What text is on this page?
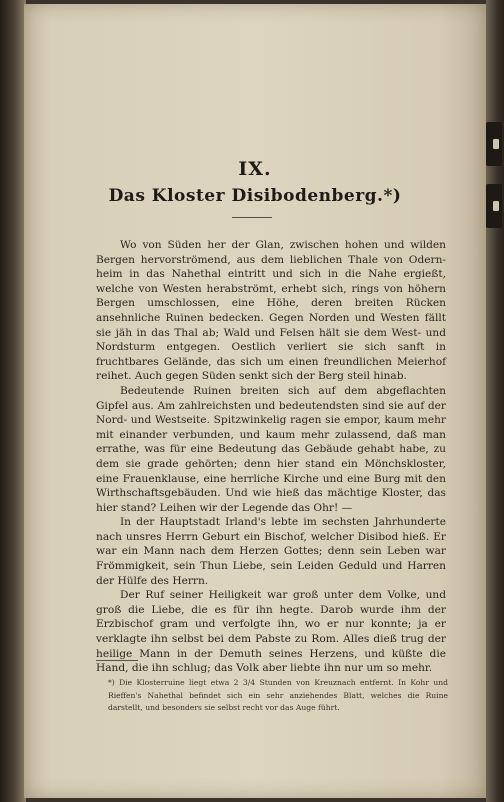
IX.
Das Kloster Disibodenberg.*)

Wo von Süden her der Glan, zwischen hohen und wilden Bergen hervorströmend, aus dem lieblichen Thale von Odernheim in das Nahethal eintritt und sich in die Nahe ergießt, welche von Westen herabströmt, erhebt sich, rings von höhern Bergen umschlossen, eine Höhe, deren breiten Rücken ansehnliche Ruinen bedecken. Gegen Norden und Westen fällt sie jäh in das Thal ab; Wald und Felsen hält sie dem West- und Nordsturm entgegen. Oestlich verliert sie sich sanft in fruchtbares Gelände, das sich um einen freundlichen Meierhof reihet. Auch gegen Süden senkt sich der Berg steil hinab.

Bedeutende Ruinen breiten sich auf dem abgeflachten Gipfel aus. Am zahlreichsten und bedeutendsten sind sie auf der Nord- und Westseite. Spitzwinkelig ragen sie empor, kaum mehr mit einander verbunden, und kaum mehr zulassend, daß man errathe, was für eine Bedeutung das Gebäude gehabt habe, zu dem sie grade gehörten; denn hier stand ein Mönchskloster, eine Frauenklause, eine herrliche Kirche und eine Burg mit den Wirthschaftsgebäuden. Und wie hieß das mächtige Kloster, das hier stand? Leihen wir der Legende das Ohr! —

In der Hauptstadt Irland's lebte im sechsten Jahrhunderte nach unsres Herrn Geburt ein Bischof, welcher Disibod hieß. Er war ein Mann nach dem Herzen Gottes; denn sein Leben war Frömmigkeit, sein Thun Liebe, sein Leiden Geduld und Harren der Hülfe des Herrn.

Der Ruf seiner Heiligkeit war groß unter dem Volke, und groß die Liebe, die es für ihn hegte. Darob wurde ihm der Erzbischof gram und verfolgte ihn, wo er nur konnte; ja er verklagte ihn selbst bei dem Pabste zu Rom. Alles dieß trug der heilige Mann in der Demuth seines Herzens, und küßte die Hand, die ihn schlug; das Volk aber liebte ihn nur um so mehr.

*) Die Klosterruine liegt etwa 2 3/4 Stunden von Kreuznach entfernt. In Kohr und Rieffen's Nahethal befindet sich ein sehr anziehendes Blatt, welches die Ruine darstellt, und besonders sie selbst recht vor das Auge führt.
